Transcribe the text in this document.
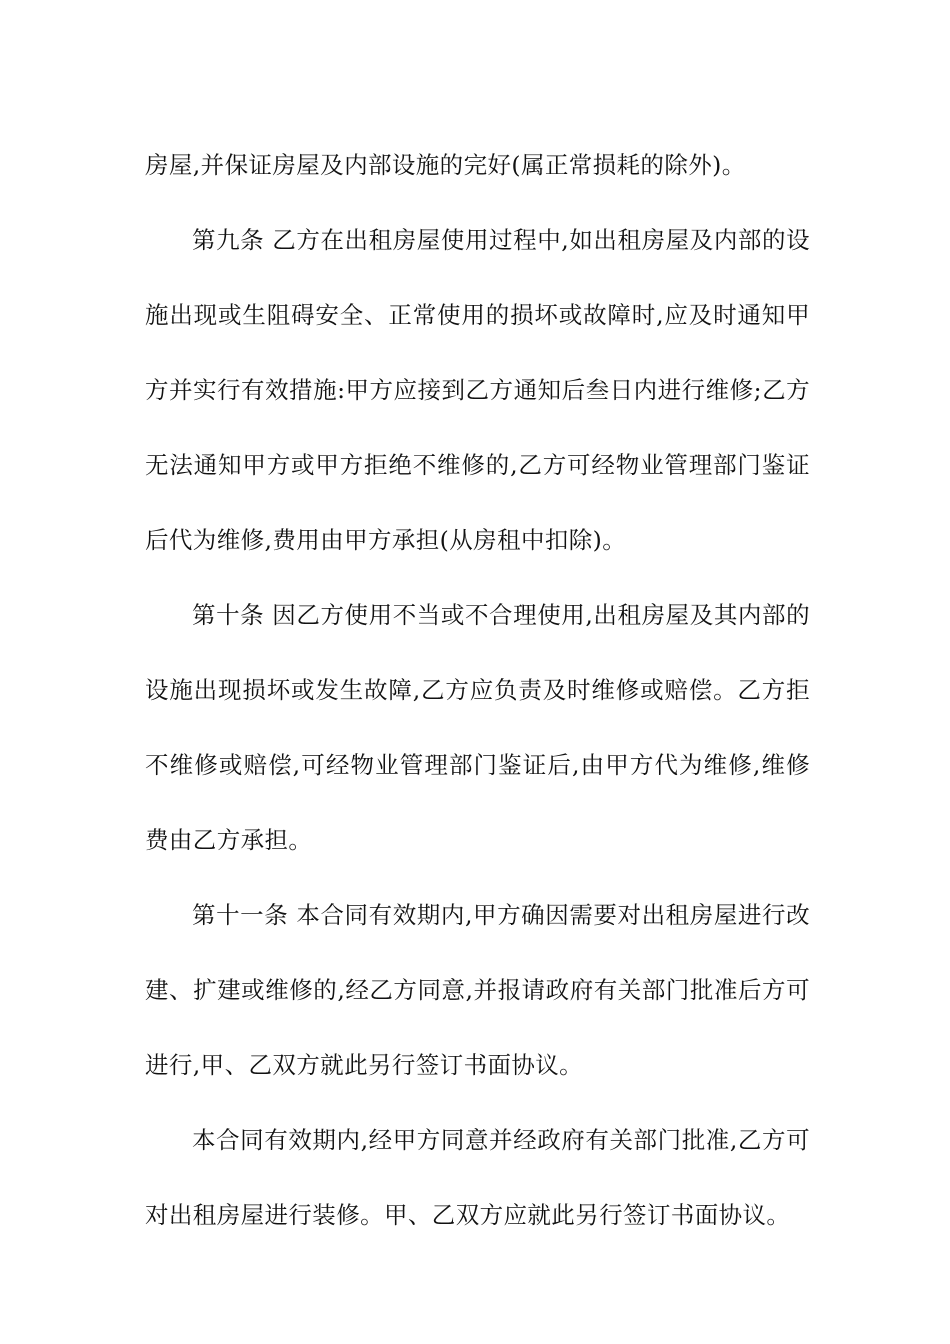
房屋,并保证房屋及内部设施的完好(属正常损耗的除外)。

第九条 乙方在出租房屋使用过程中,如出租房屋及内部的设施出现或生阻碍安全、正常使用的损坏或故障时,应及时通知甲方并实行有效措施:甲方应接到乙方通知后叁日内进行维修;乙方无法通知甲方或甲方拒绝不维修的,乙方可经物业管理部门鉴证后代为维修,费用由甲方承担(从房租中扣除)。

第十条 因乙方使用不当或不合理使用,出租房屋及其内部的设施出现损坏或发生故障,乙方应负责及时维修或赔偿。乙方拒不维修或赔偿,可经物业管理部门鉴证后,由甲方代为维修,维修费由乙方承担。

第十一条 本合同有效期内,甲方确因需要对出租房屋进行改建、扩建或维修的,经乙方同意,并报请政府有关部门批准后方可进行,甲、乙双方就此另行签订书面协议。

本合同有效期内,经甲方同意并经政府有关部门批准,乙方可对出租房屋进行装修。甲、乙双方应就此另行签订书面协议。
